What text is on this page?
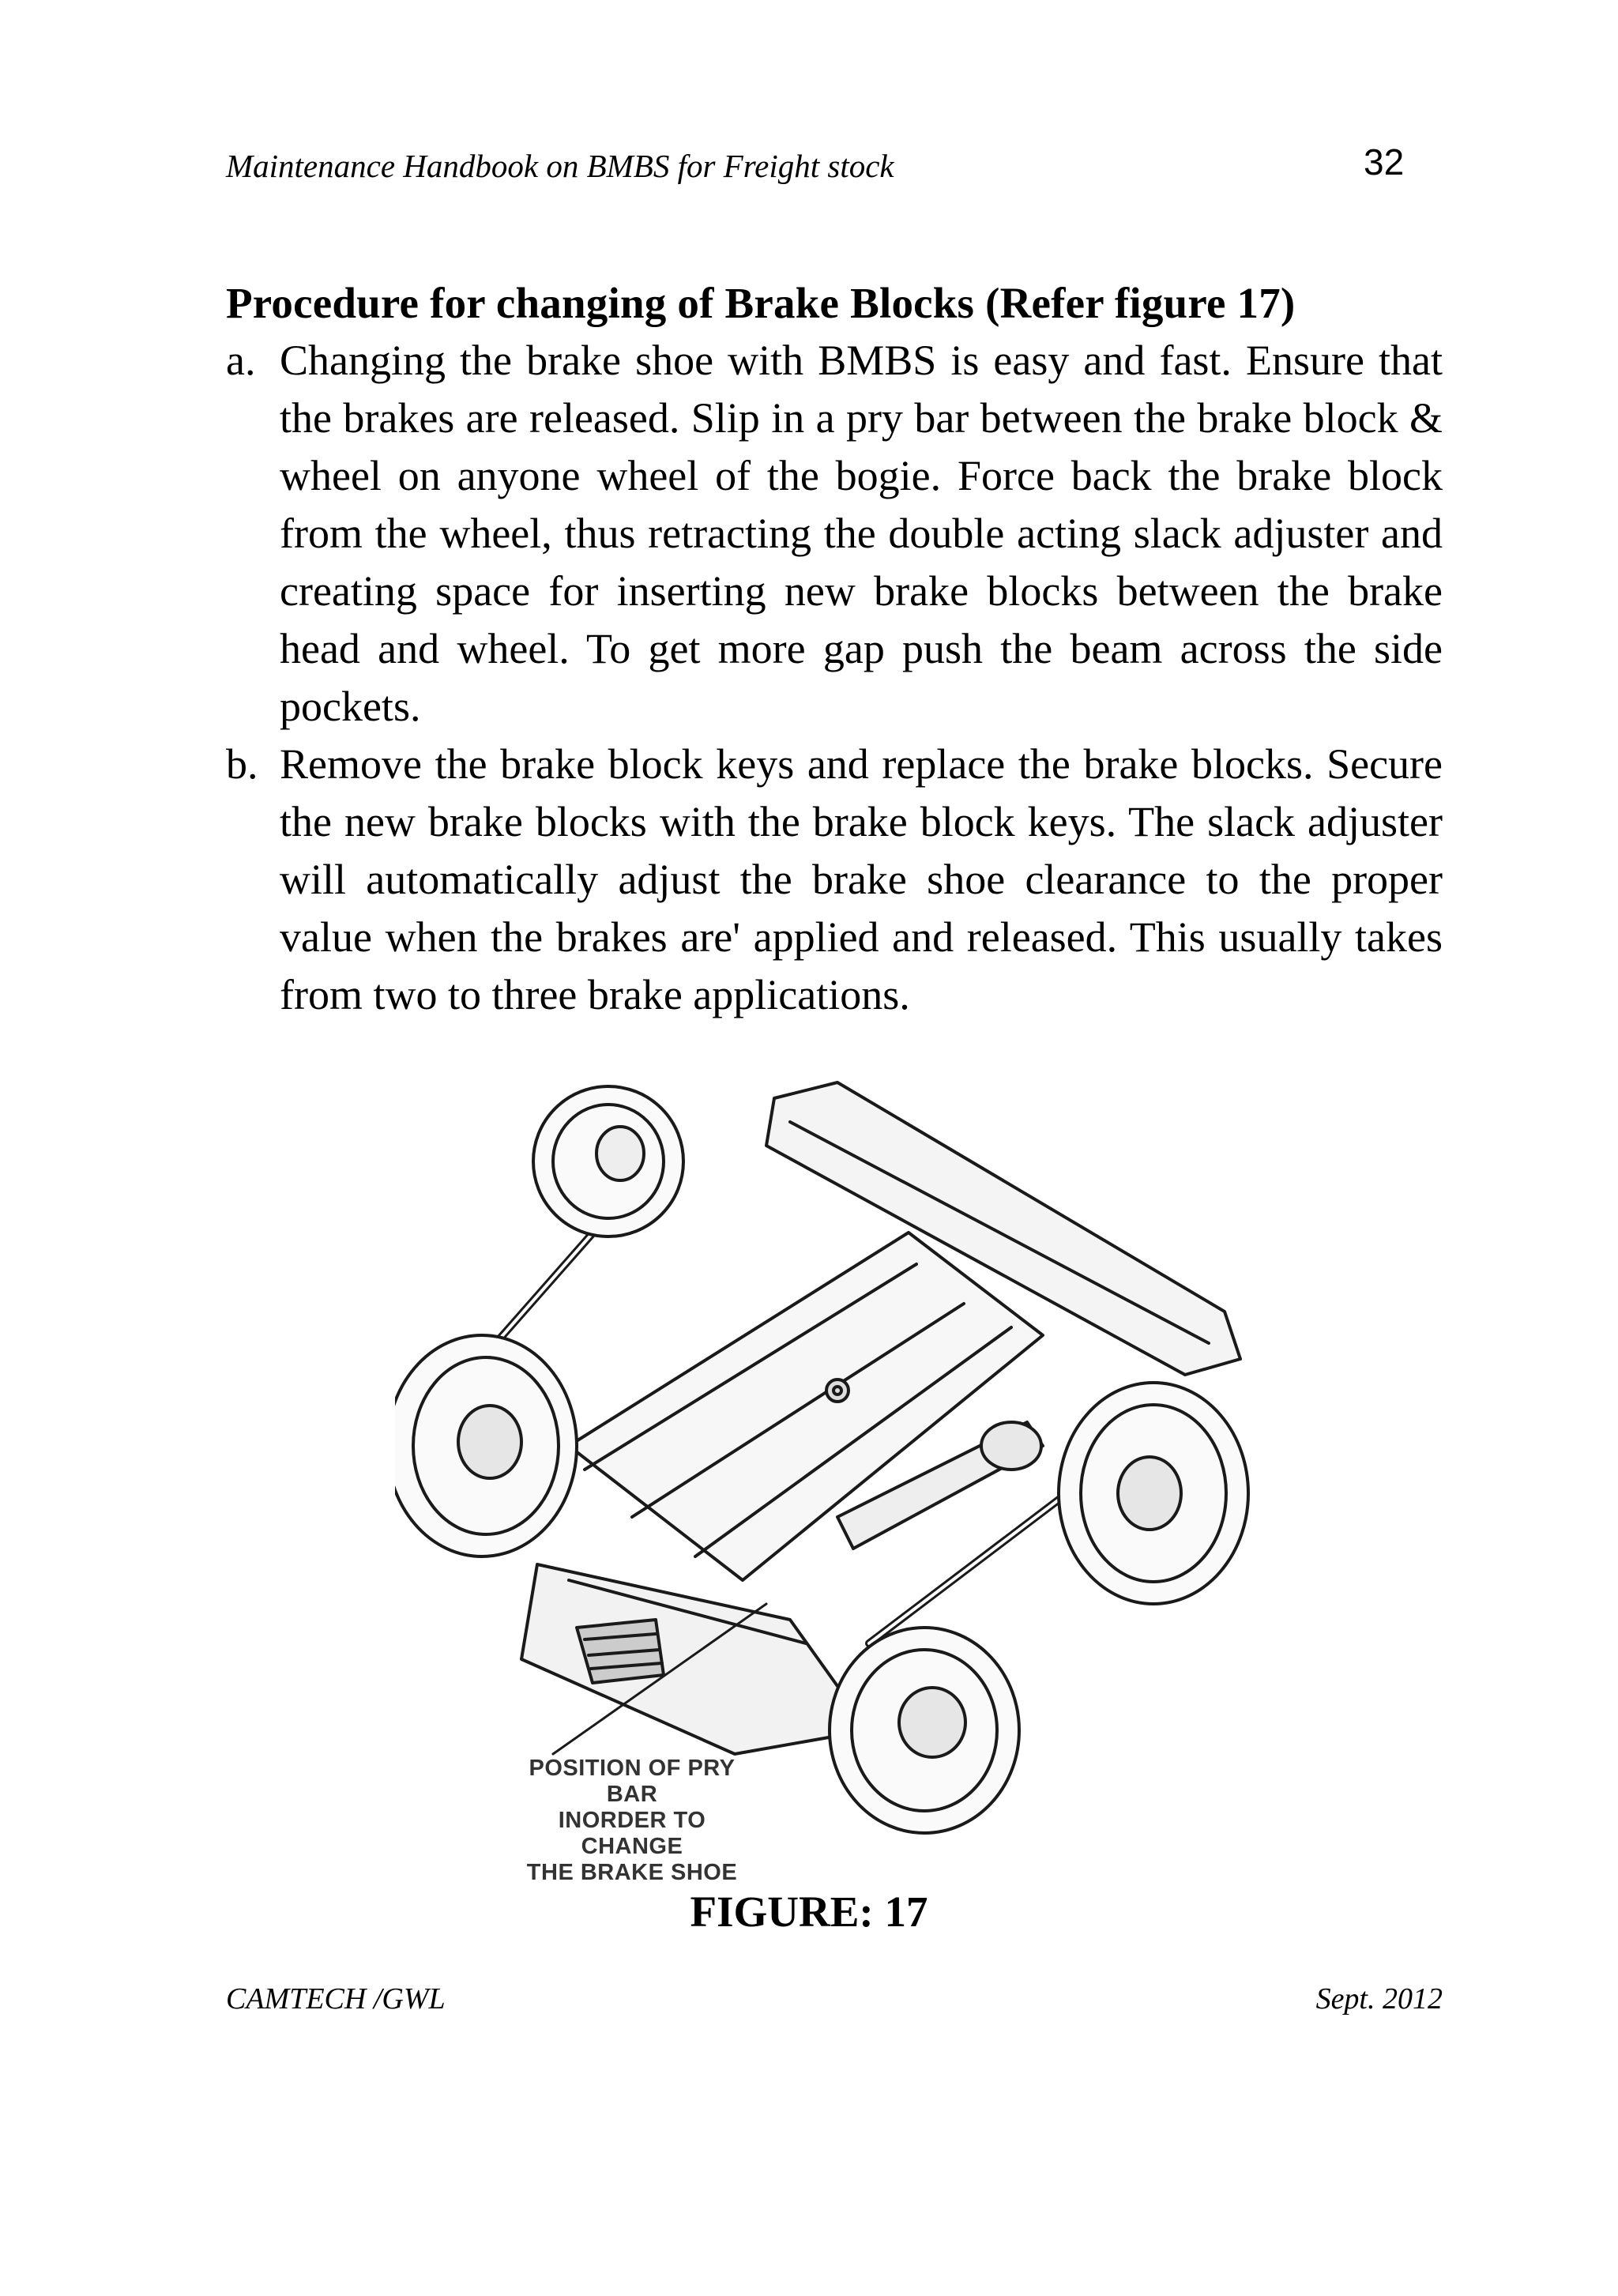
Maintenance Handbook on BMBS for Freight stock	32
Procedure for changing of Brake Blocks (Refer figure 17)
a. Changing the brake shoe with BMBS is easy and fast. Ensure that the brakes are released. Slip in a pry bar between the brake block & wheel on anyone wheel of the bogie. Force back the brake block from the wheel, thus retracting the double acting slack adjuster and creating space for inserting new brake blocks between the brake head and wheel. To get more gap push the beam across the side pockets.
b. Remove the brake block keys and replace the brake blocks. Secure the new brake blocks with the brake block keys. The slack adjuster will automatically adjust the brake shoe clearance to the proper value when the brakes are' applied and released. This usually takes from two to three brake applications.
POSITION OF PRY BAR
INORDER TO CHANGE
THE BRAKE SHOE
FIGURE: 17
CAMTECH /GWL	Sept. 2012
